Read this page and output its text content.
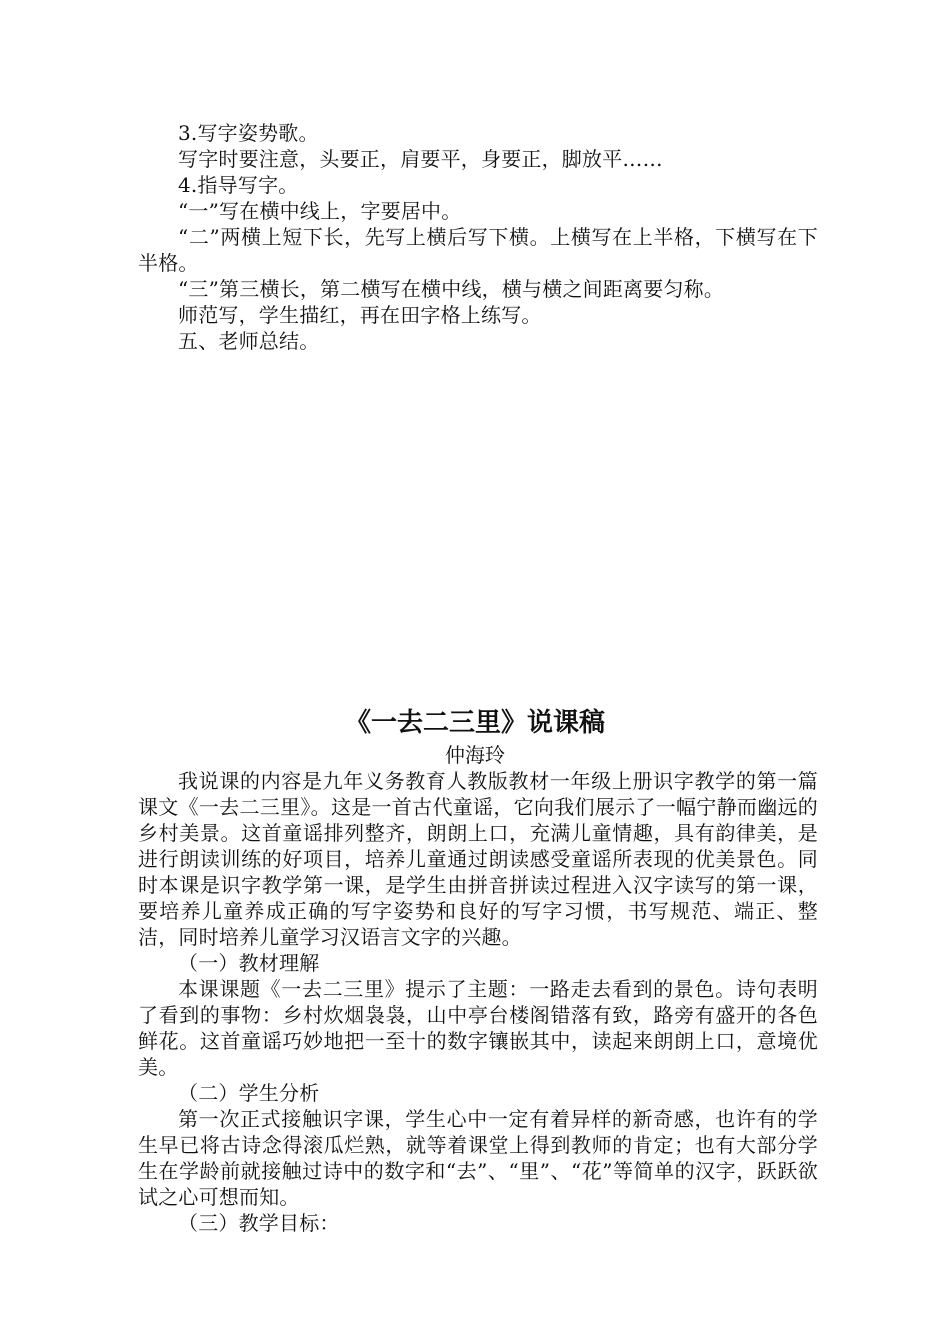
3.写字姿势歌。

写字时要注意，头要正，肩要平，身要正，脚放平……

4.指导写字。

“一”写在横中线上，字要居中。

“二”两横上短下长，先写上横后写下横。上横写在上半格，下横写在下半格。

“三”第三横长，第二横写在横中线，横与横之间距离要匀称。

师范写，学生描红，再在田字格上练写。

五、老师总结。

《一去二三里》说课稿
仲海玲

我说课的内容是九年义务教育人教版教材一年级上册识字教学的第一篇课文《一去二三里》。这是一首古代童谣，它向我们展示了一幅宁静而幽远的乡村美景。这首童谣排列整齐，朗朗上口，充满儿童情趣，具有韵律美，是进行朗读训练的好项目，培养儿童通过朗读感受童谣所表现的优美景色。同时本课是识字教学第一课，是学生由拼音拼读过程进入汉字读写的第一课，要培养儿童养成正确的写字姿势和良好的写字习惯，书写规范、端正、整洁，同时培养儿童学习汉语言文字的兴趣。

（一）教材理解

本课课题《一去二三里》提示了主题：一路走去看到的景色。诗句表明了看到的事物：乡村炊烟袅袅，山中亭台楼阁错落有致，路旁有盛开的各色鲜花。这首童谣巧妙地把一至十的数字镶嵌其中，读起来朗朗上口，意境优美。

（二）学生分析

第一次正式接触识字课，学生心中一定有着异样的新奇感，也许有的学生早已将古诗念得滚瓜烂熟，就等着课堂上得到教师的肯定；也有大部分学生在学龄前就接触过诗中的数字和“去”、“里”、“花”等简单的汉字，跃跃欲试之心可想而知。

（三）教学目标：
